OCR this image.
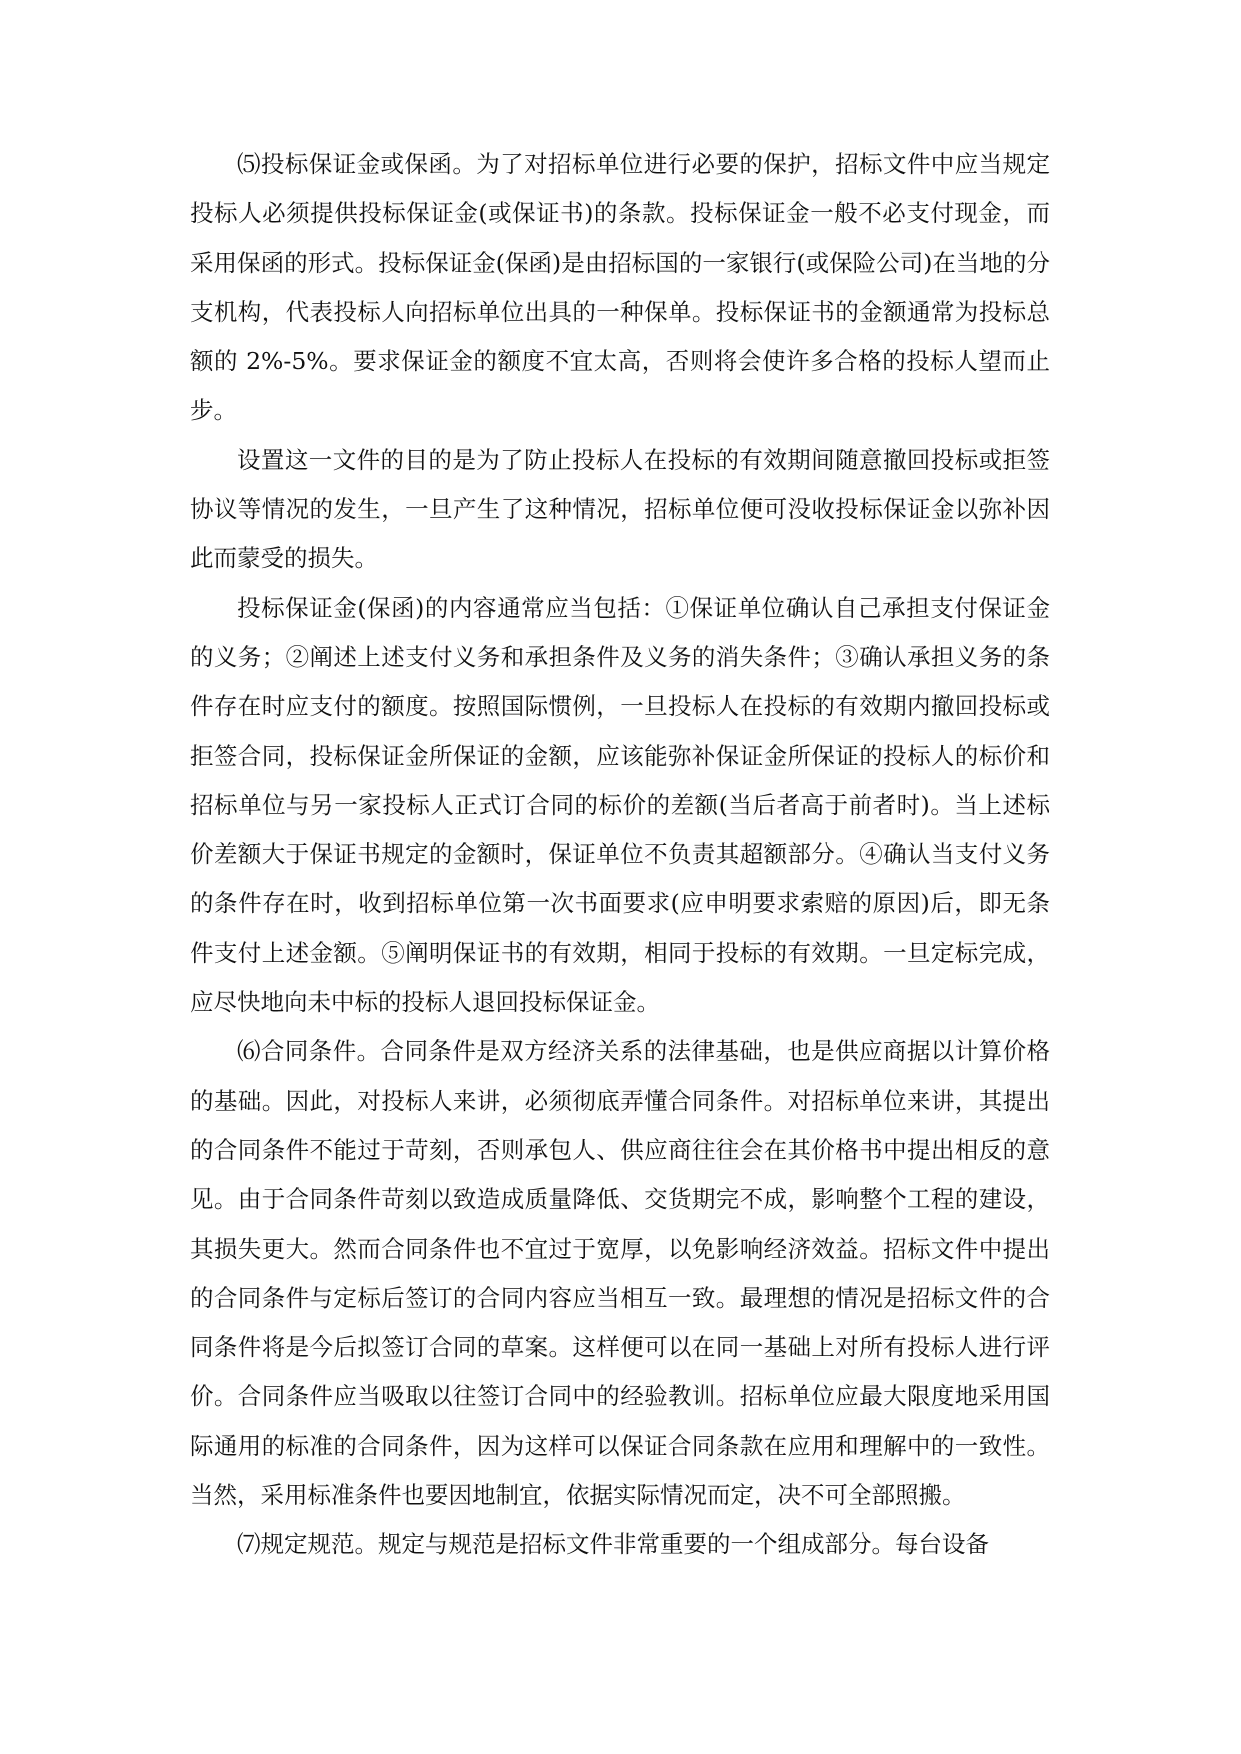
⑸投标保证金或保函。为了对招标单位进行必要的保护，招标文件中应当规定投标人必须提供投标保证金(或保证书)的条款。投标保证金一般不必支付现金，而采用保函的形式。投标保证金(保函)是由招标国的一家银行(或保险公司)在当地的分支机构，代表投标人向招标单位出具的一种保单。投标保证书的金额通常为投标总额的 2%-5%。要求保证金的额度不宜太高，否则将会使许多合格的投标人望而止步。

设置这一文件的目的是为了防止投标人在投标的有效期间随意撤回投标或拒签协议等情况的发生，一旦产生了这种情况，招标单位便可没收投标保证金以弥补因此而蒙受的损失。

投标保证金(保函)的内容通常应当包括：①保证单位确认自己承担支付保证金的义务；②阐述上述支付义务和承担条件及义务的消失条件；③确认承担义务的条件存在时应支付的额度。按照国际惯例，一旦投标人在投标的有效期内撤回投标或拒签合同，投标保证金所保证的金额，应该能弥补保证金所保证的投标人的标价和招标单位与另一家投标人正式订合同的标价的差额(当后者高于前者时)。当上述标价差额大于保证书规定的金额时，保证单位不负责其超额部分。④确认当支付义务的条件存在时，收到招标单位第一次书面要求(应申明要求索赔的原因)后，即无条件支付上述金额。⑤阐明保证书的有效期，相同于投标的有效期。一旦定标完成，应尽快地向未中标的投标人退回投标保证金。

⑹合同条件。合同条件是双方经济关系的法律基础，也是供应商据以计算价格的基础。因此，对投标人来讲，必须彻底弄懂合同条件。对招标单位来讲，其提出的合同条件不能过于苛刻，否则承包人、供应商往往会在其价格书中提出相反的意见。由于合同条件苛刻以致造成质量降低、交货期完不成，影响整个工程的建设，其损失更大。然而合同条件也不宜过于宽厚，以免影响经济效益。招标文件中提出的合同条件与定标后签订的合同内容应当相互一致。最理想的情况是招标文件的合同条件将是今后拟签订合同的草案。这样便可以在同一基础上对所有投标人进行评价。合同条件应当吸取以往签订合同中的经验教训。招标单位应最大限度地采用国际通用的标准的合同条件，因为这样可以保证合同条款在应用和理解中的一致性。当然，采用标准条件也要因地制宜，依据实际情况而定，决不可全部照搬。

⑺规定规范。规定与规范是招标文件非常重要的一个组成部分。每台设备
